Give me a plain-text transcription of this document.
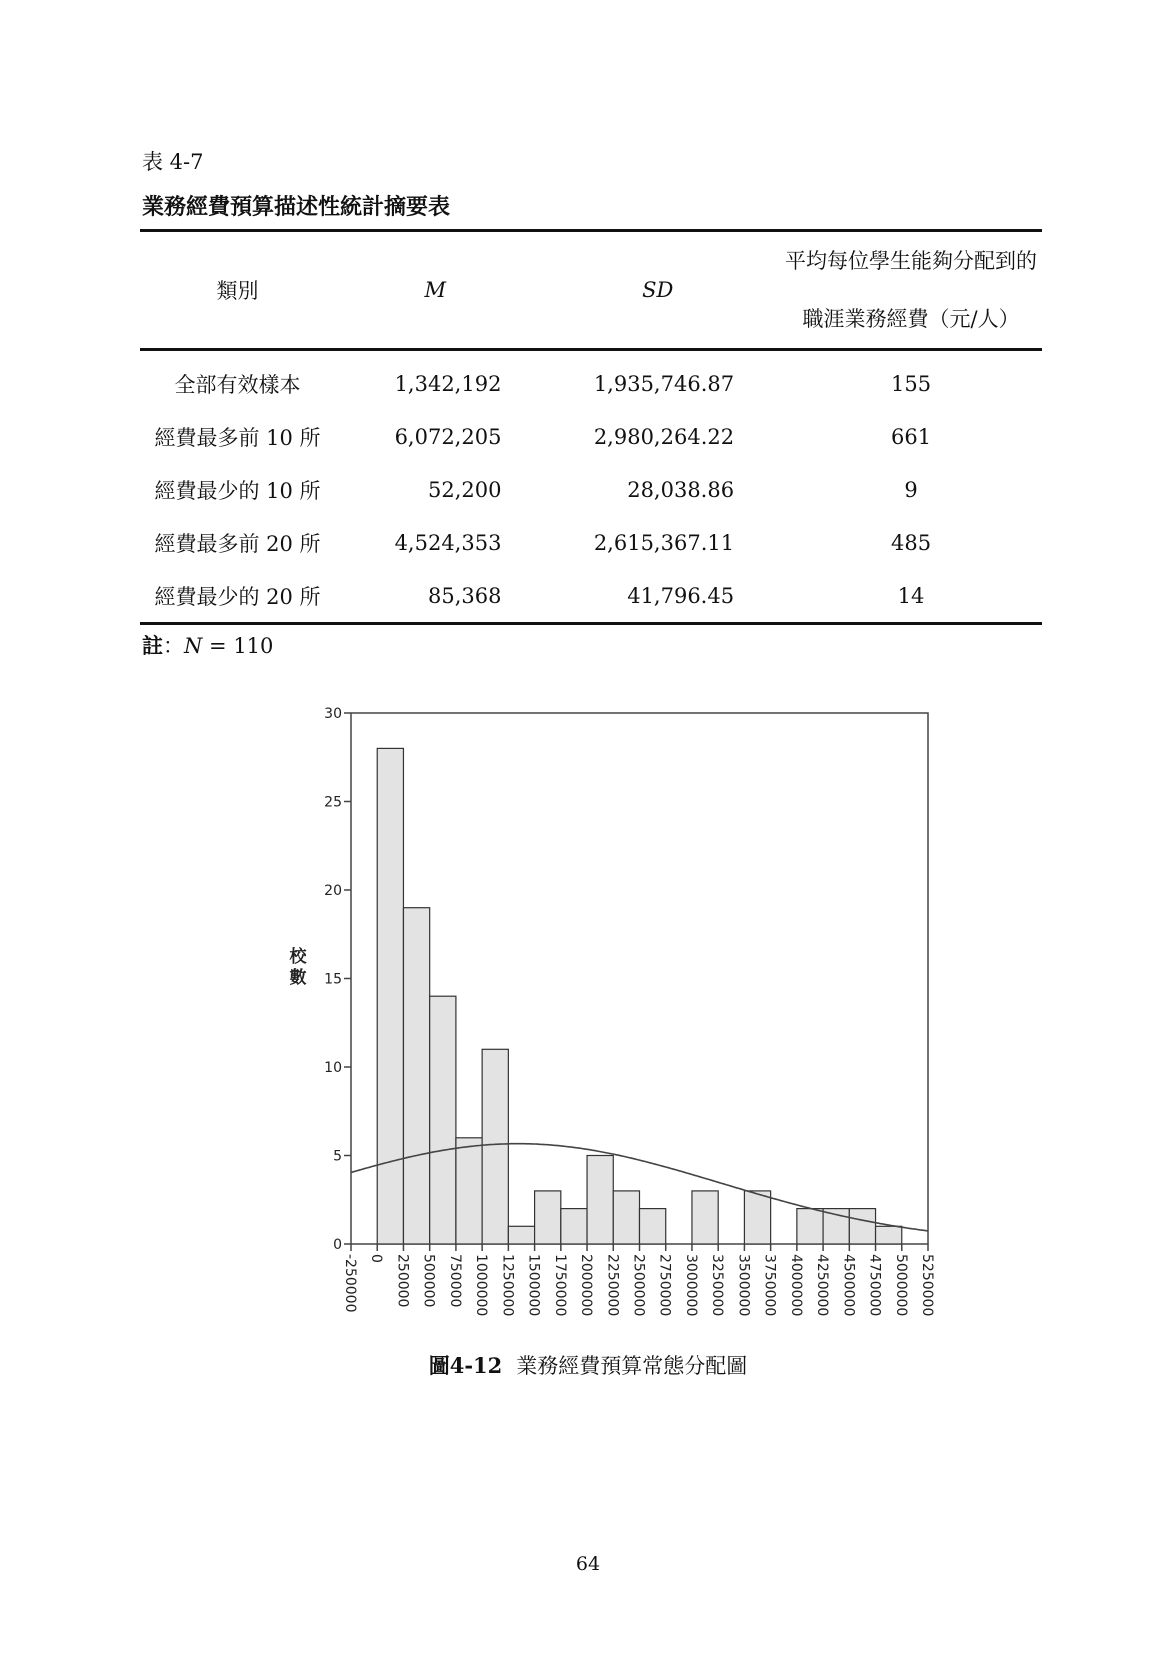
表 4-7
業務經費預算描述性統計摘要表
類別	M	SD	平均每位學生能夠分配到的
職涯業務經費（元/人）

全部有效樣本	1,342,192	1,935,746.87	155
經費最多前 10 所	6,072,205	2,980,264.22	661
經費最少的 10 所	52,200	28,038.86	9
經費最多前 20 所	4,524,353	2,615,367.11	485
經費最少的 20 所	85,368	41,796.45	14
註：N = 110
0
5
10
15
20
25
30
-250000 0 250000 500000 750000 1000000 1250000 1500000 1750000 2000000 2250000 2500000 2750000 3000000 3250000 3500000 3750000 4000000 4250000 4500000 4750000 5000000 5250000
校
數
圖4-12 業務經費預算常態分配圖
64
